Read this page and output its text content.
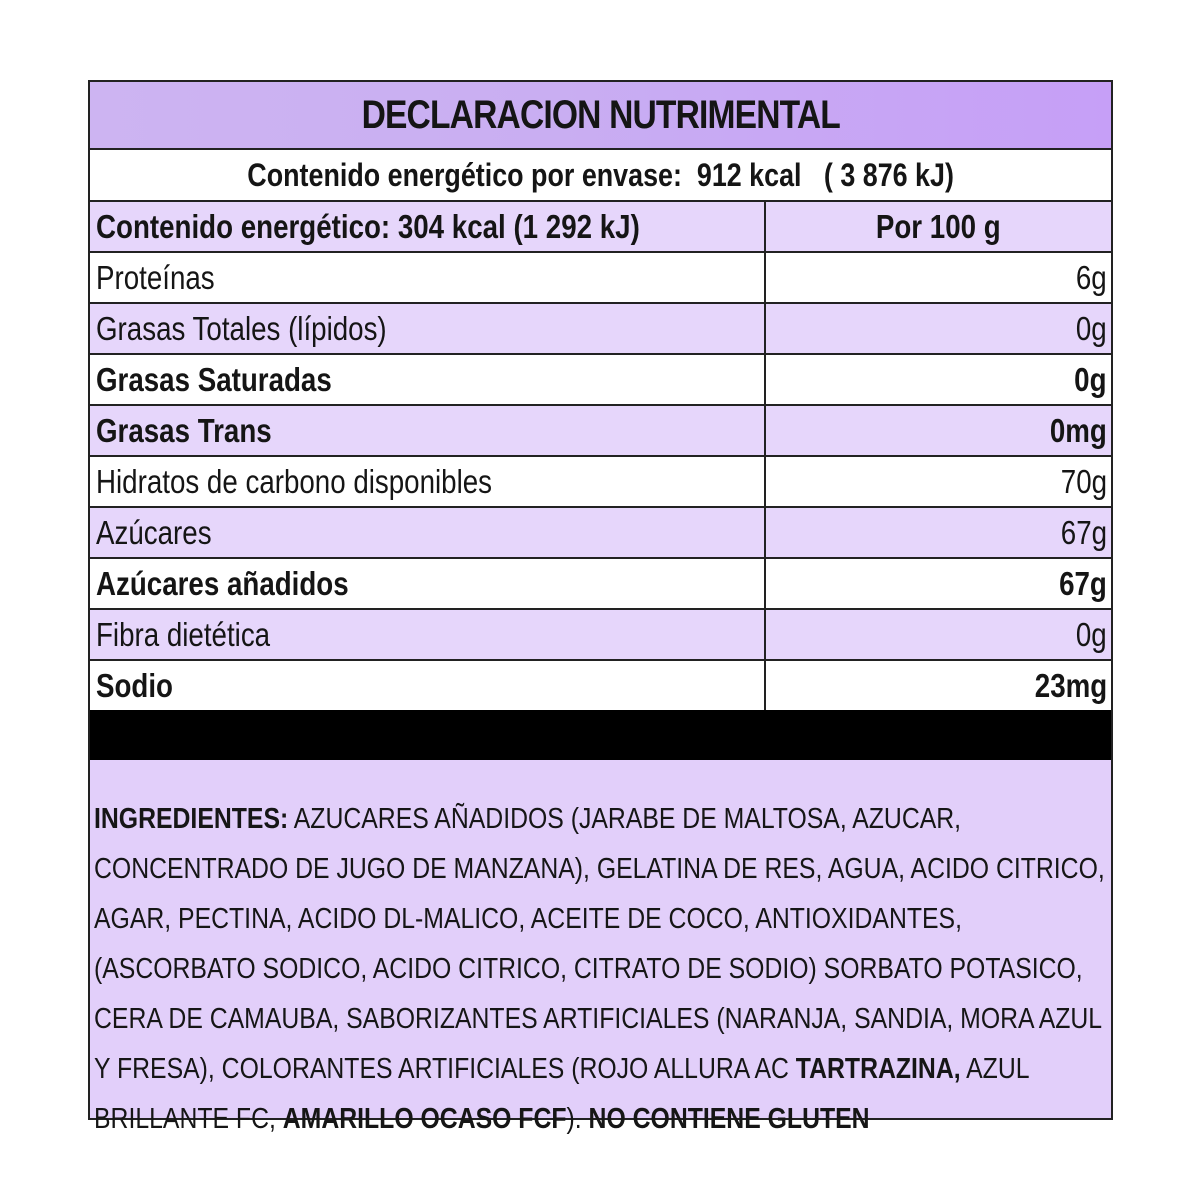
DECLARACION NUTRIMENTAL
Contenido energético por envase:  912 kcal   ( 3 876 kJ)
Contenido energético: 304 kcal (1 292 kJ)	Por 100 g
Proteínas	6g
Grasas Totales (lípidos)	0g
Grasas Saturadas	0g
Grasas Trans	0mg
Hidratos de carbono disponibles	70g
Azúcares	67g
Azúcares añadidos	67g
Fibra dietética	0g
Sodio	23mg
INGREDIENTES: AZUCARES AÑADIDOS (JARABE DE MALTOSA, AZUCAR, CONCENTRADO DE JUGO DE MANZANA), GELATINA DE RES, AGUA, ACIDO CITRICO, AGAR, PECTINA, ACIDO DL-MALICO, ACEITE DE COCO, ANTIOXIDANTES, (ASCORBATO SODICO, ACIDO CITRICO, CITRATO DE SODIO) SORBATO POTASICO, CERA DE CAMAUBA, SABORIZANTES ARTIFICIALES (NARANJA, SANDIA, MORA AZUL Y FRESA), COLORANTES ARTIFICIALES (ROJO ALLURA AC TARTRAZINA, AZUL BRILLANTE FC, AMARILLO OCASO FCF). NO CONTIENE GLUTEN
